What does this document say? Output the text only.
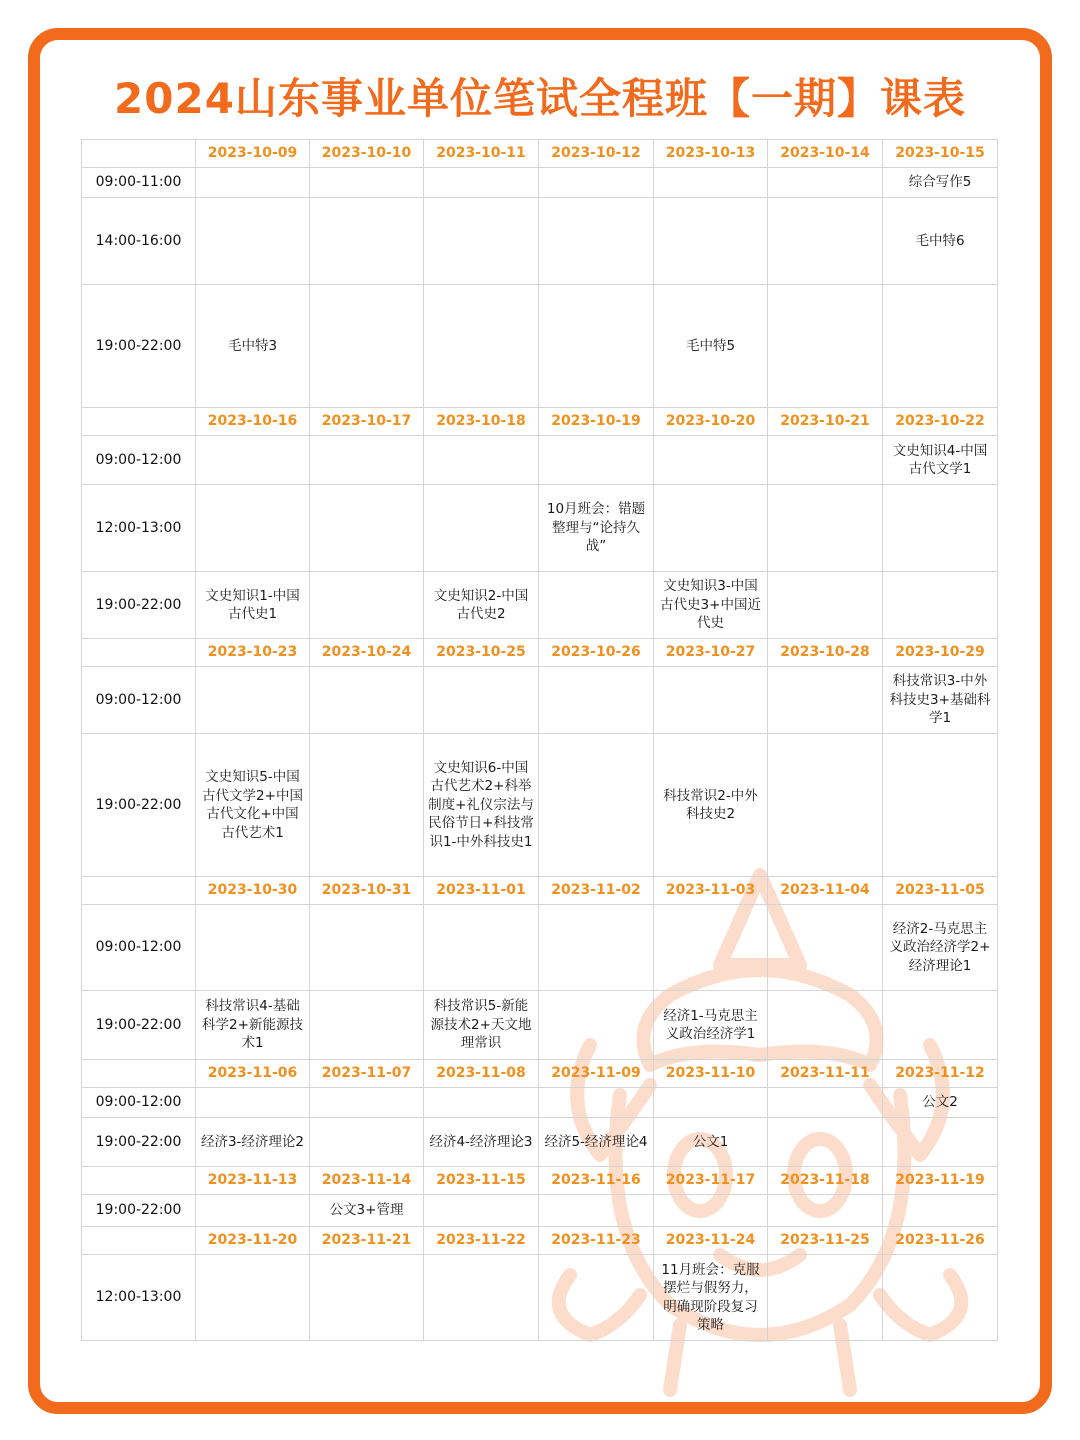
2024山东事业单位笔试全程班【一期】课表
	2023-10-09	2023-10-10	2023-10-11	2023-10-12	2023-10-13	2023-10-14	2023-10-15
09:00-11:00							综合写作5
14:00-16:00							毛中特6
19:00-22:00	毛中特3				毛中特5		
	2023-10-16	2023-10-17	2023-10-18	2023-10-19	2023-10-20	2023-10-21	2023-10-22
09:00-12:00							文史知识4-中国古代文学1
12:00-13:00				10月班会：错题整理与“论持久战”			
19:00-22:00	文史知识1-中国古代史1		文史知识2-中国古代史2		文史知识3-中国古代史3+中国近代史		
	2023-10-23	2023-10-24	2023-10-25	2023-10-26	2023-10-27	2023-10-28	2023-10-29
09:00-12:00							科技常识3-中外科技史3+基础科学1
19:00-22:00	文史知识5-中国古代文学2+中国古代文化+中国古代艺术1		文史知识6-中国古代艺术2+科举制度+礼仪宗法与民俗节日+科技常识1-中外科技史1		科技常识2-中外科技史2		
	2023-10-30	2023-10-31	2023-11-01	2023-11-02	2023-11-03	2023-11-04	2023-11-05
09:00-12:00							经济2-马克思主义政治经济学2+ 经济理论1
19:00-22:00	科技常识4-基础科学2+新能源技术1		科技常识5-新能源技术2+天文地理常识		经济1-马克思主义政治经济学1		
	2023-11-06	2023-11-07	2023-11-08	2023-11-09	2023-11-10	2023-11-11	2023-11-12
09:00-12:00							公文2
19:00-22:00	经济3-经济理论2		经济4-经济理论3	经济5-经济理论4	公文1		
	2023-11-13	2023-11-14	2023-11-15	2023-11-16	2023-11-17	2023-11-18	2023-11-19
19:00-22:00		公文3+管理					
	2023-11-20	2023-11-21	2023-11-22	2023-11-23	2023-11-24	2023-11-25	2023-11-26
12:00-13:00					11月班会：克服摆烂与假努力，明确现阶段复习策略		
